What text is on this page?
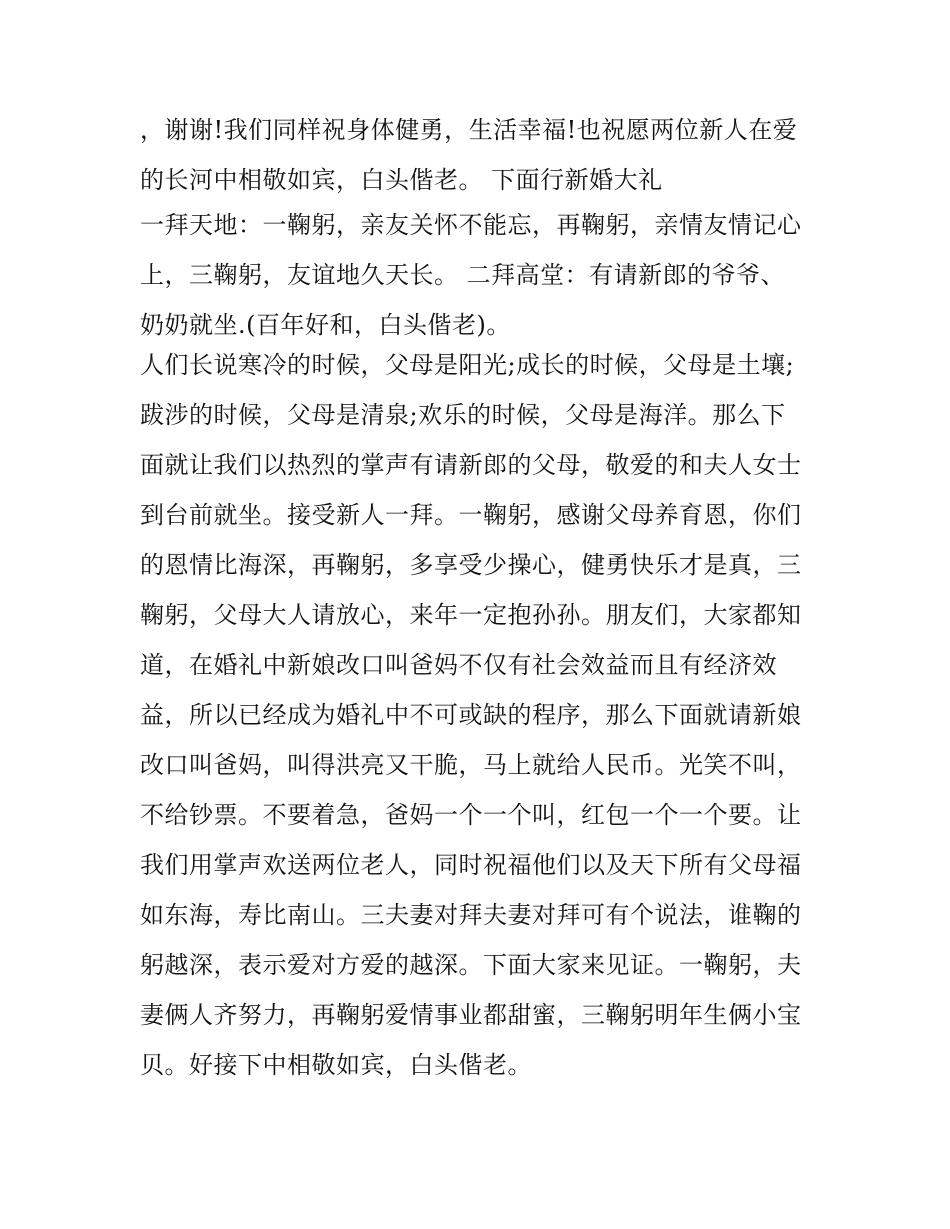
，谢谢!我们同样祝身体健勇，生活幸福!也祝愿两位新人在爱
的长河中相敬如宾，白头偕老。 下面行新婚大礼
一拜天地：一鞠躬，亲友关怀不能忘，再鞠躬，亲情友情记心
上，三鞠躬，友谊地久天长。 二拜高堂：有请新郎的爷爷、
奶奶就坐.(百年好和，白头偕老)。
人们长说寒冷的时候，父母是阳光;成长的时候，父母是土壤;
跋涉的时候，父母是清泉;欢乐的时候，父母是海洋。那么下
面就让我们以热烈的掌声有请新郎的父母，敬爱的和夫人女士
到台前就坐。接受新人一拜。一鞠躬，感谢父母养育恩，你们
的恩情比海深，再鞠躬，多享受少操心，健勇快乐才是真，三
鞠躬，父母大人请放心，来年一定抱孙孙。朋友们，大家都知
道，在婚礼中新娘改口叫爸妈不仅有社会效益而且有经济效
益，所以已经成为婚礼中不可或缺的程序，那么下面就请新娘
改口叫爸妈，叫得洪亮又干脆，马上就给人民币。光笑不叫，
不给钞票。不要着急，爸妈一个一个叫，红包一个一个要。让
我们用掌声欢送两位老人，同时祝福他们以及天下所有父母福
如东海，寿比南山。三夫妻对拜夫妻对拜可有个说法，谁鞠的
躬越深，表示爱对方爱的越深。下面大家来见证。一鞠躬，夫
妻俩人齐努力，再鞠躬爱情事业都甜蜜，三鞠躬明年生俩小宝
贝。好接下中相敬如宾，白头偕老。
